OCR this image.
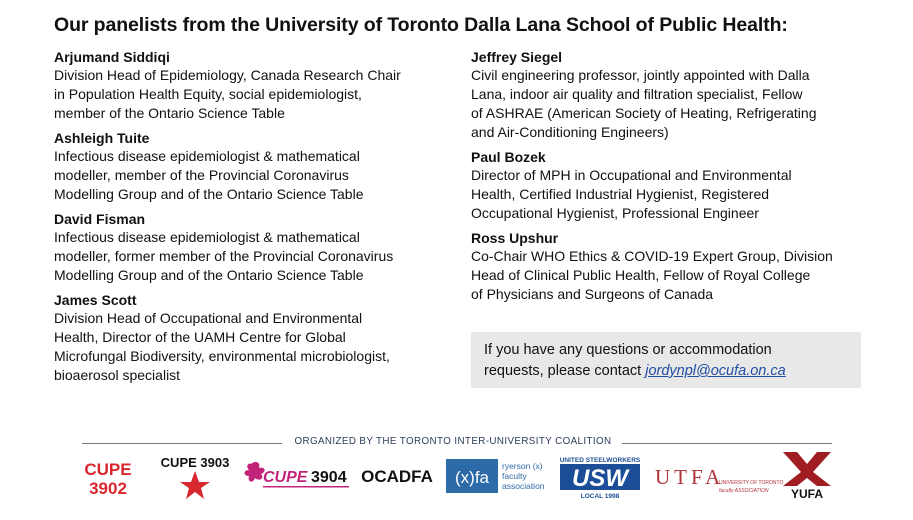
Our panelists from the University of Toronto Dalla Lana School of Public Health:
Arjumand Siddiqi
Division Head of Epidemiology, Canada Research Chair
in Population Health Equity, social epidemiologist,
member of the Ontario Science Table
Ashleigh Tuite
Infectious disease epidemiologist & mathematical
modeller, member of the Provincial Coronavirus
Modelling Group and of the Ontario Science Table
David Fisman
Infectious disease epidemiologist & mathematical
modeller, former member of the Provincial Coronavirus
Modelling Group and of the Ontario Science Table
James Scott
Division Head of Occupational and Environmental
Health, Director of the UAMH Centre for Global
Microfungal Biodiversity, environmental microbiologist,
bioaerosol specialist
Jeffrey Siegel
Civil engineering professor, jointly appointed with Dalla
Lana, indoor air quality and filtration specialist, Fellow
of ASHRAE (American Society of Heating, Refrigerating
and Air-Conditioning Engineers)
Paul Bozek
Director of MPH in Occupational and Environmental
Health, Certified Industrial Hygienist, Registered
Occupational Hygienist, Professional Engineer
Ross Upshur
Co-Chair WHO Ethics & COVID-19 Expert Group, Division
Head of Clinical Public Health, Fellow of Royal College
of Physicians and Surgeons of Canada
If you have any questions or accommodation
requests, please contact jordynpl@ocufa.on.ca
ORGANIZED BY THE TORONTO INTER-UNIVERSITY COALITION
CUPE
3902
CUPE 3903
CUPE 3904 OCADFA (x)fa
ryerson (x)
faculty
association
UNITED STEELWORKERS
USW
LOCAL 1998
UTFA
UNIVERSITY OF TORONTO
faculty ASSOCIATION YUFA
